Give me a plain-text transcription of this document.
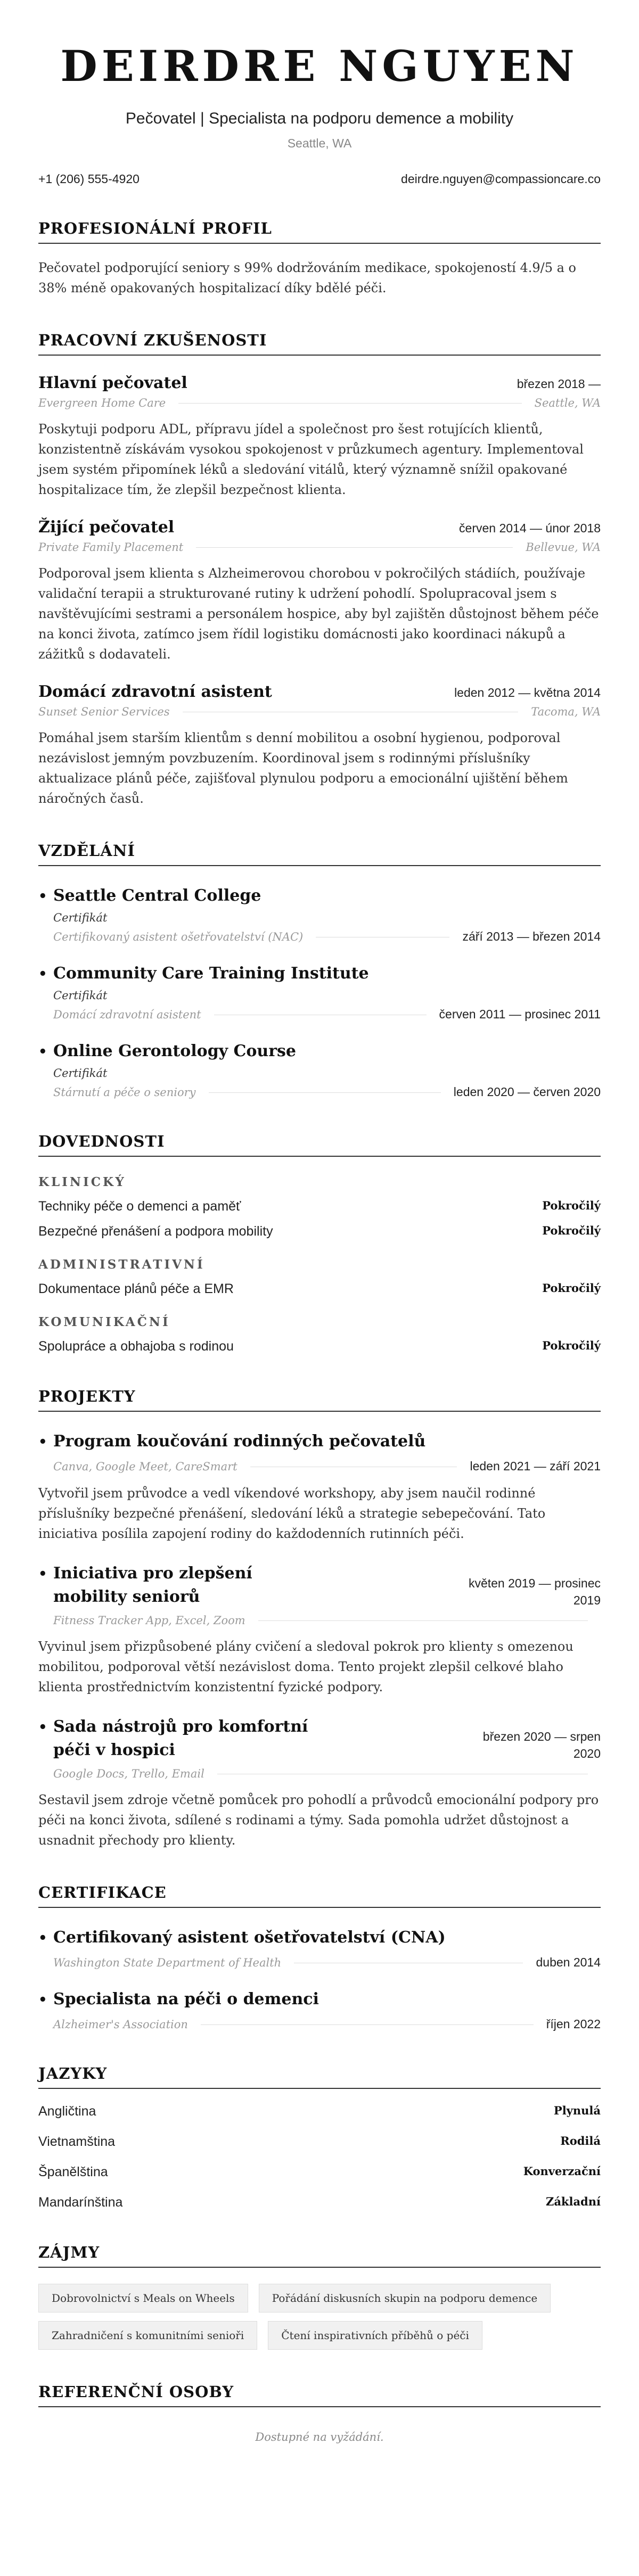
DEIRDRE NGUYEN
Pečovatel | Specialista na podporu demence a mobility
Seattle, WA
+1 (206) 555-4920	deirdre.nguyen@compassioncare.co
PROFESIONÁLNÍ PROFIL
Pečovatel podporující seniory s 99% dodržováním medikace, spokojeností 4.9/5 a o 38% méně opakovaných hospitalizací díky bdělé péči.
PRACOVNÍ ZKUŠENOSTI
Hlavní pečovatel	březen 2018 —
Evergreen Home Care	Seattle, WA
Poskytuji podporu ADL, přípravu jídel a společnost pro šest rotujících klientů, konzistentně získávám vysokou spokojenost v průzkumech agentury. Implementoval jsem systém připomínek léků a sledování vitálů, který významně snížil opakované hospitalizace tím, že zlepšil bezpečnost klienta.
Žijící pečovatel	červen 2014 — únor 2018
Private Family Placement	Bellevue, WA
Podporoval jsem klienta s Alzheimerovou chorobou v pokročilých stádiích, používaje validační terapii a strukturované rutiny k udržení pohodlí. Spolupracoval jsem s navštěvujícími sestrami a personálem hospice, aby byl zajištěn důstojnost během péče na konci života, zatímco jsem řídil logistiku domácnosti jako koordinaci nákupů a zážitků s dodavateli.
Domácí zdravotní asistent	leden 2012 — května 2014
Sunset Senior Services	Tacoma, WA
Pomáhal jsem starším klientům s denní mobilitou a osobní hygienou, podporoval nezávislost jemným povzbuzením. Koordinoval jsem s rodinnými příslušníky aktualizace plánů péče, zajišťoval plynulou podporu a emocionální ujištění během náročných časů.
VZDĚLÁNÍ
• Seattle Central College
Certifikát
Certifikovaný asistent ošetřovatelství (NAC)	září 2013 — březen 2014
• Community Care Training Institute
Certifikát
Domácí zdravotní asistent	červen 2011 — prosinec 2011
• Online Gerontology Course
Certifikát
Stárnutí a péče o seniory	leden 2020 — červen 2020
DOVEDNOSTI
KLINICKÝ
Techniky péče o demenci a paměť	Pokročilý
Bezpečné přenášení a podpora mobility	Pokročilý
ADMINISTRATIVNÍ
Dokumentace plánů péče a EMR	Pokročilý
KOMUNIKAČNÍ
Spolupráce a obhajoba s rodinou	Pokročilý
PROJEKTY
• Program koučování rodinných pečovatelů
Canva, Google Meet, CareSmart	leden 2021 — září 2021
Vytvořil jsem průvodce a vedl víkendové workshopy, aby jsem naučil rodinné příslušníky bezpečné přenášení, sledování léků a strategie sebepečování. Tato iniciativa posílila zapojení rodiny do každodenních rutinních péči.
• Iniciativa pro zlepšení mobility seniorů
květen 2019 — prosinec 2019
Fitness Tracker App, Excel, Zoom
Vyvinul jsem přizpůsobené plány cvičení a sledoval pokrok pro klienty s omezenou mobilitou, podporoval větší nezávislost doma. Tento projekt zlepšil celkové blaho klienta prostřednictvím konzistentní fyzické podpory.
• Sada nástrojů pro komfortní péči v hospici
březen 2020 — srpen 2020
Google Docs, Trello, Email
Sestavil jsem zdroje včetně pomůcek pro pohodlí a průvodců emocionální podpory pro péči na konci života, sdílené s rodinami a týmy. Sada pomohla udržet důstojnost a usnadnit přechody pro klienty.
CERTIFIKACE
• Certifikovaný asistent ošetřovatelství (CNA)
Washington State Department of Health	duben 2014
• Specialista na péči o demenci
Alzheimer's Association	říjen 2022
JAZYKY
Angličtina	Plynulá
Vietnamština	Rodilá
Španělština	Konverzační
Mandarínština	Základní
ZÁJMY
Dobrovolnictví s Meals on Wheels	Pořádání diskusních skupin na podporu demence
Zahradničení s komunitními senioři	Čtení inspirativních příběhů o péči
REFERENČNÍ OSOBY
Dostupné na vyžádání.
